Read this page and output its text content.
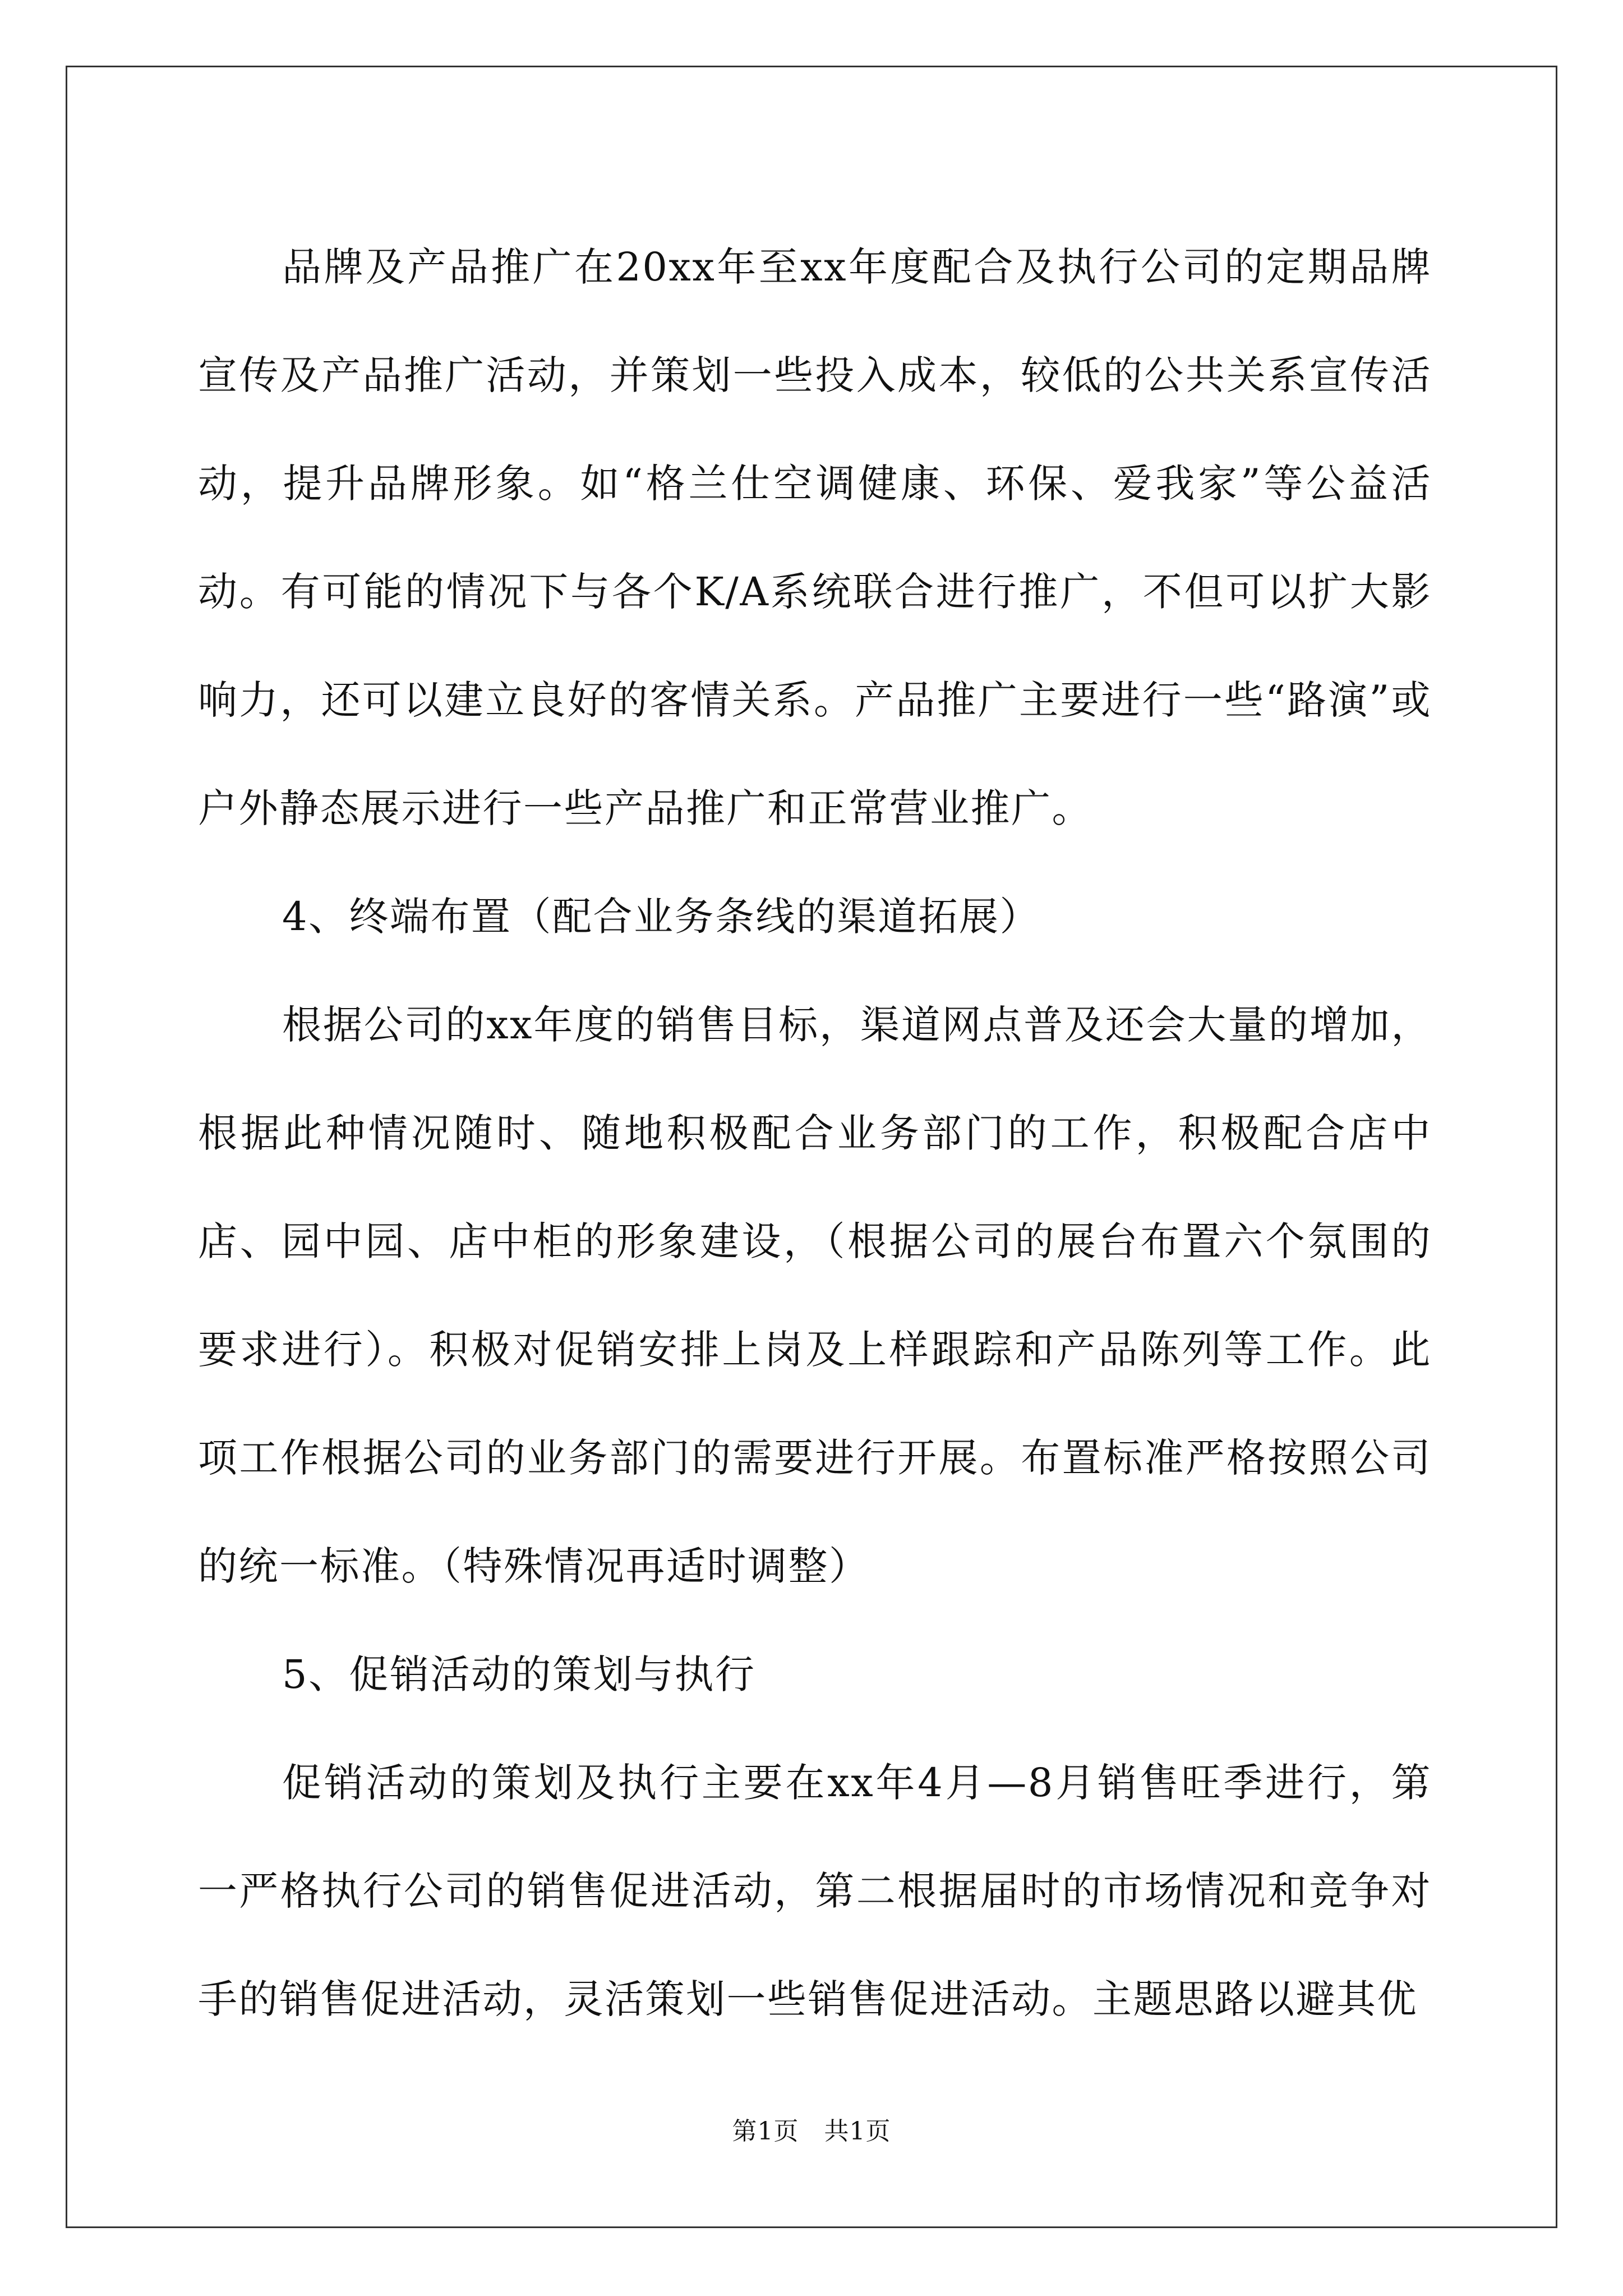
品牌及产品推广在20xx年至xx年度配合及执行公司的定期品牌宣传及产品推广活动，并策划一些投入成本，较低的公共关系宣传活动，提升品牌形象。如“格兰仕空调健康、环保、爱我家”等公益活动。有可能的情况下与各个K/A系统联合进行推广，不但可以扩大影响力，还可以建立良好的客情关系。产品推广主要进行一些“路演”或户外静态展示进行一些产品推广和正常营业推广。

4、终端布置（配合业务条线的渠道拓展）

根据公司的xx年度的销售目标，渠道网点普及还会大量的增加，根据此种情况随时、随地积极配合业务部门的工作，积极配合店中店、园中园、店中柜的形象建设，（根据公司的展台布置六个氛围的要求进行）。积极对促销安排上岗及上样跟踪和产品陈列等工作。此项工作根据公司的业务部门的需要进行开展。布置标准严格按照公司的统一标准。（特殊情况再适时调整）

5、促销活动的策划与执行

促销活动的策划及执行主要在xx年4月—8月销售旺季进行，第一严格执行公司的销售促进活动，第二根据届时的市场情况和竞争对手的销售促进活动，灵活策划一些销售促进活动。主题思路以避其优

第1页　共1页
